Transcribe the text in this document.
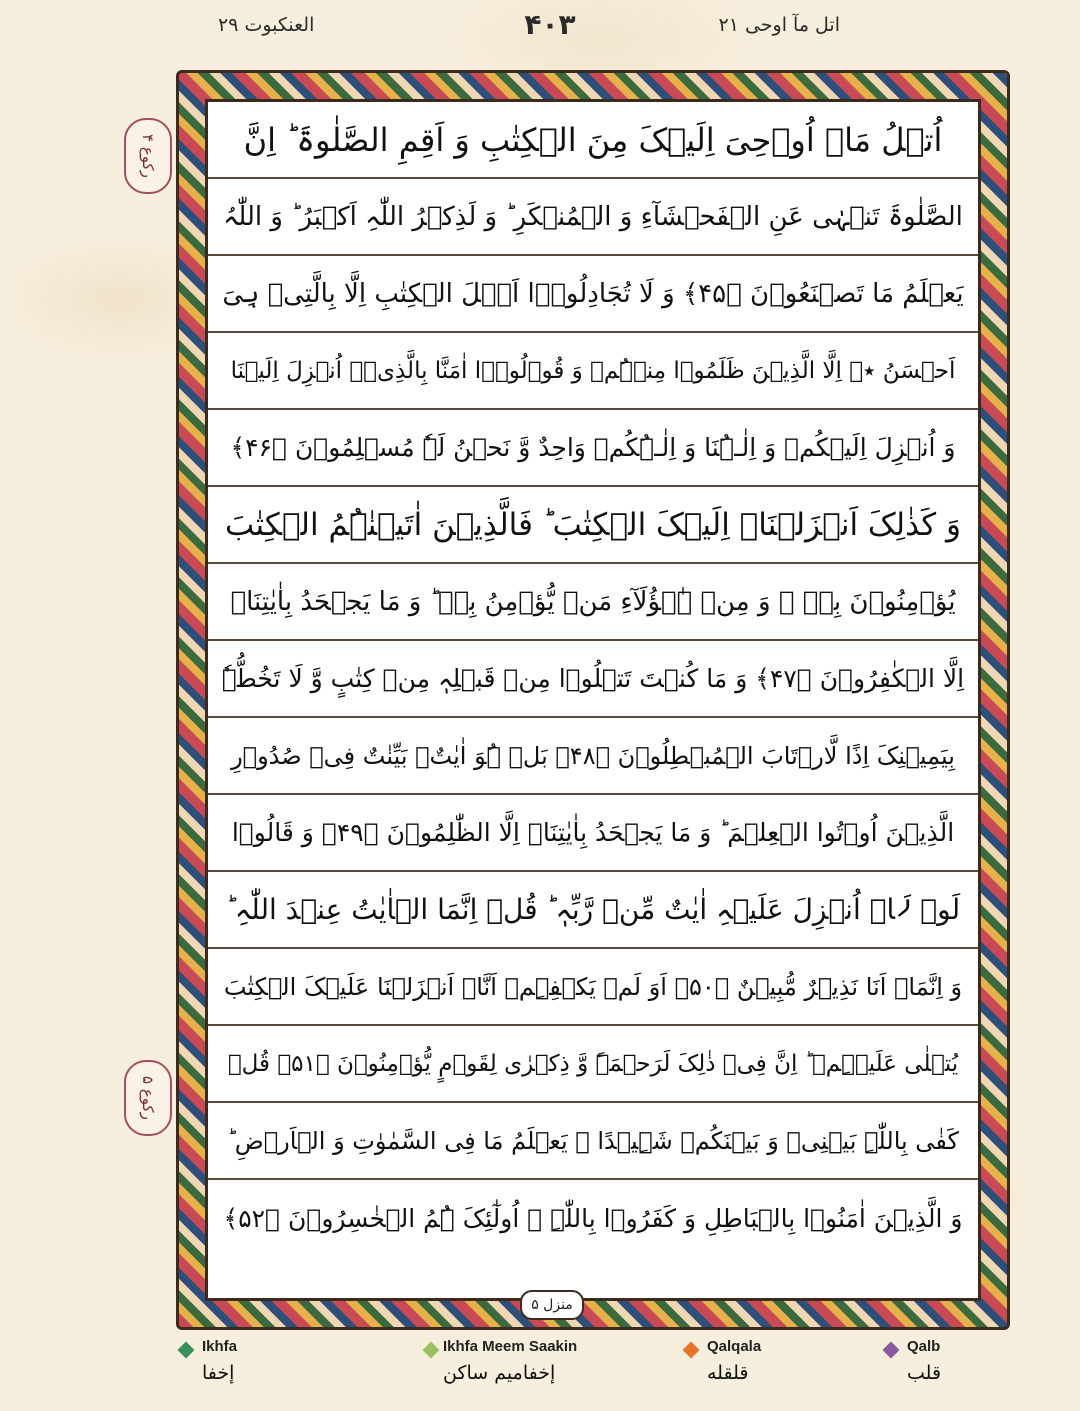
العنکبوت ۲۹	۴۰۳	اتل مآ اوحی ۲۱
اُتۡلُ مَاۤ اُوۡحِیَ اِلَیۡکَ مِنَ الۡکِتٰبِ وَ اَقِمِ الصَّلٰوۃَ ؕ اِنَّ
الصَّلٰوۃَ تَنۡہٰی عَنِ الۡفَحۡشَآءِ وَ الۡمُنۡکَرِ ؕ وَ لَذِکۡرُ اللّٰہِ اَکۡبَرُ ؕ وَ اللّٰہُ
یَعۡلَمُ مَا تَصۡنَعُوۡنَ ﴿۴۵﴾ وَ لَا تُجَادِلُوۡۤا اَہۡلَ الۡکِتٰبِ اِلَّا بِالَّتِیۡ ہِیَ
اَحۡسَنُ ٭ۖ اِلَّا الَّذِیۡنَ ظَلَمُوۡا مِنۡہُمۡ وَ قُوۡلُوۡۤا اٰمَنَّا بِالَّذِیۡۤ اُنۡزِلَ اِلَیۡنَا
وَ اُنۡزِلَ اِلَیۡکُمۡ وَ اِلٰـہُنَا وَ اِلٰـہُکُمۡ وَاحِدٌ وَّ نَحۡنُ لَہٗ مُسۡلِمُوۡنَ ﴿۴۶﴾
وَ کَذٰلِکَ اَنۡزَلۡنَاۤ اِلَیۡکَ الۡکِتٰبَ ؕ فَالَّذِیۡنَ اٰتَیۡنٰہُمُ الۡکِتٰبَ
یُؤۡمِنُوۡنَ بِہٖ ۚ وَ مِنۡ ہٰۤؤُلَآءِ مَنۡ یُّؤۡمِنُ بِہٖ ؕ وَ مَا یَجۡحَدُ بِاٰیٰتِنَاۤ
اِلَّا الۡکٰفِرُوۡنَ ﴿۴۷﴾ وَ مَا کُنۡتَ تَتۡلُوۡا مِنۡ قَبۡلِہٖ مِنۡ کِتٰبٍ وَّ لَا تَخُطُّہٗ
بِیَمِیۡنِکَ اِذًا لَّارۡتَابَ الۡمُبۡطِلُوۡنَ ﴿۴۸﴾ بَلۡ ہُوَ اٰیٰتٌۢ بَیِّنٰتٌ فِیۡ صُدُوۡرِ
الَّذِیۡنَ اُوۡتُوا الۡعِلۡمَ ؕ وَ مَا یَجۡحَدُ بِاٰیٰتِنَاۤ اِلَّا الظّٰلِمُوۡنَ ﴿۴۹﴾ وَ قَالُوۡا
لَوۡ لَاۤ اُنۡزِلَ عَلَیۡہِ اٰیٰتٌ مِّنۡ رَّبِّہٖ ؕ قُلۡ اِنَّمَا الۡاٰیٰتُ عِنۡدَ اللّٰہِ ؕ
وَ اِنَّمَاۤ اَنَا نَذِیۡرٌ مُّبِیۡنٌ ﴿۵۰﴾ اَوَ لَمۡ یَکۡفِہِمۡ اَنَّاۤ اَنۡزَلۡنَا عَلَیۡکَ الۡکِتٰبَ
یُتۡلٰی عَلَیۡہِمۡ ؕ اِنَّ فِیۡ ذٰلِکَ لَرَحۡمَۃً وَّ ذِکۡرٰی لِقَوۡمٍ یُّؤۡمِنُوۡنَ ﴿۵۱﴾ قُلۡ
کَفٰی بِاللّٰہِ بَیۡنِیۡ وَ بَیۡنَکُمۡ شَہِیۡدًا ۚ یَعۡلَمُ مَا فِی السَّمٰوٰتِ وَ الۡاَرۡضِ ؕ
وَ الَّذِیۡنَ اٰمَنُوۡا بِالۡبَاطِلِ وَ کَفَرُوۡا بِاللّٰہِ ۙ اُولٰٓئِکَ ہُمُ الۡخٰسِرُوۡنَ ﴿۵۲﴾
رکوع ۴
رکوع ۵
منزل ۵
Ikhfa
إخفا
Ikhfa Meem Saakin
إخفاميم ساكن
Qalqala
قلقله
Qalb
قلب
